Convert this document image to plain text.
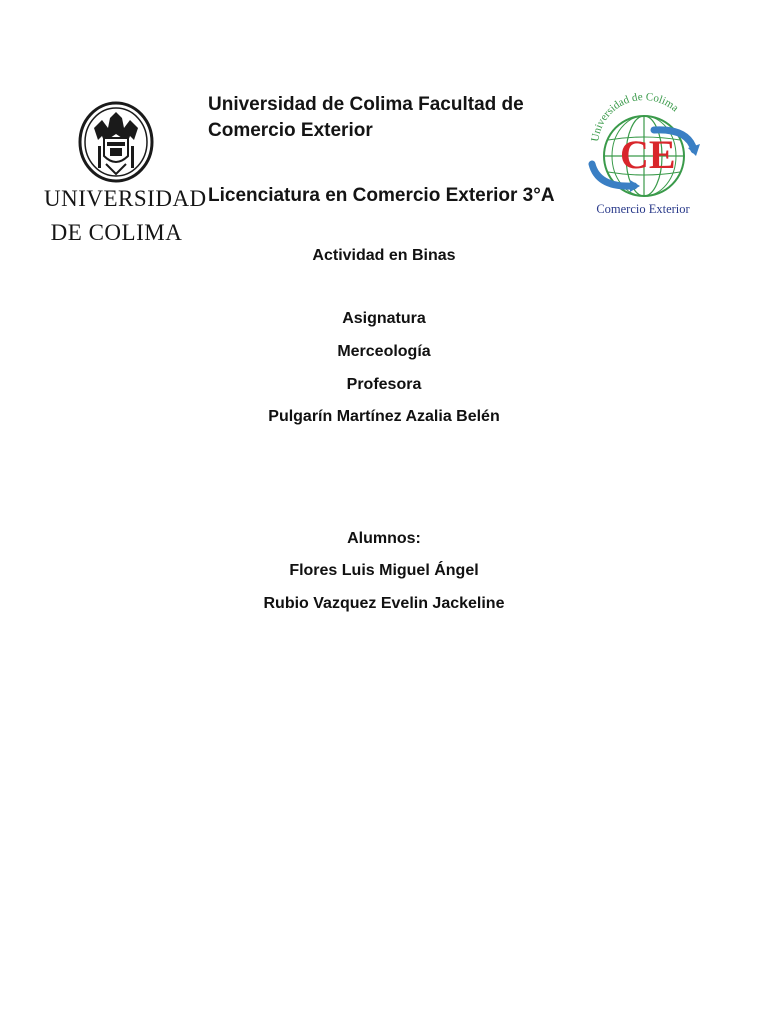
UNIVERSIDAD
DE COLIMA
Universidad de Colima Facultad de Comercio Exterior
Licenciatura en Comercio Exterior 3°A
Universidad de Colima
CE
Comercio Exterior
Actividad en Binas
Asignatura
Merceología
Profesora
Pulgarín Martínez Azalia Belén
Alumnos:
Flores Luis Miguel Ángel
Rubio Vazquez Evelin Jackeline
